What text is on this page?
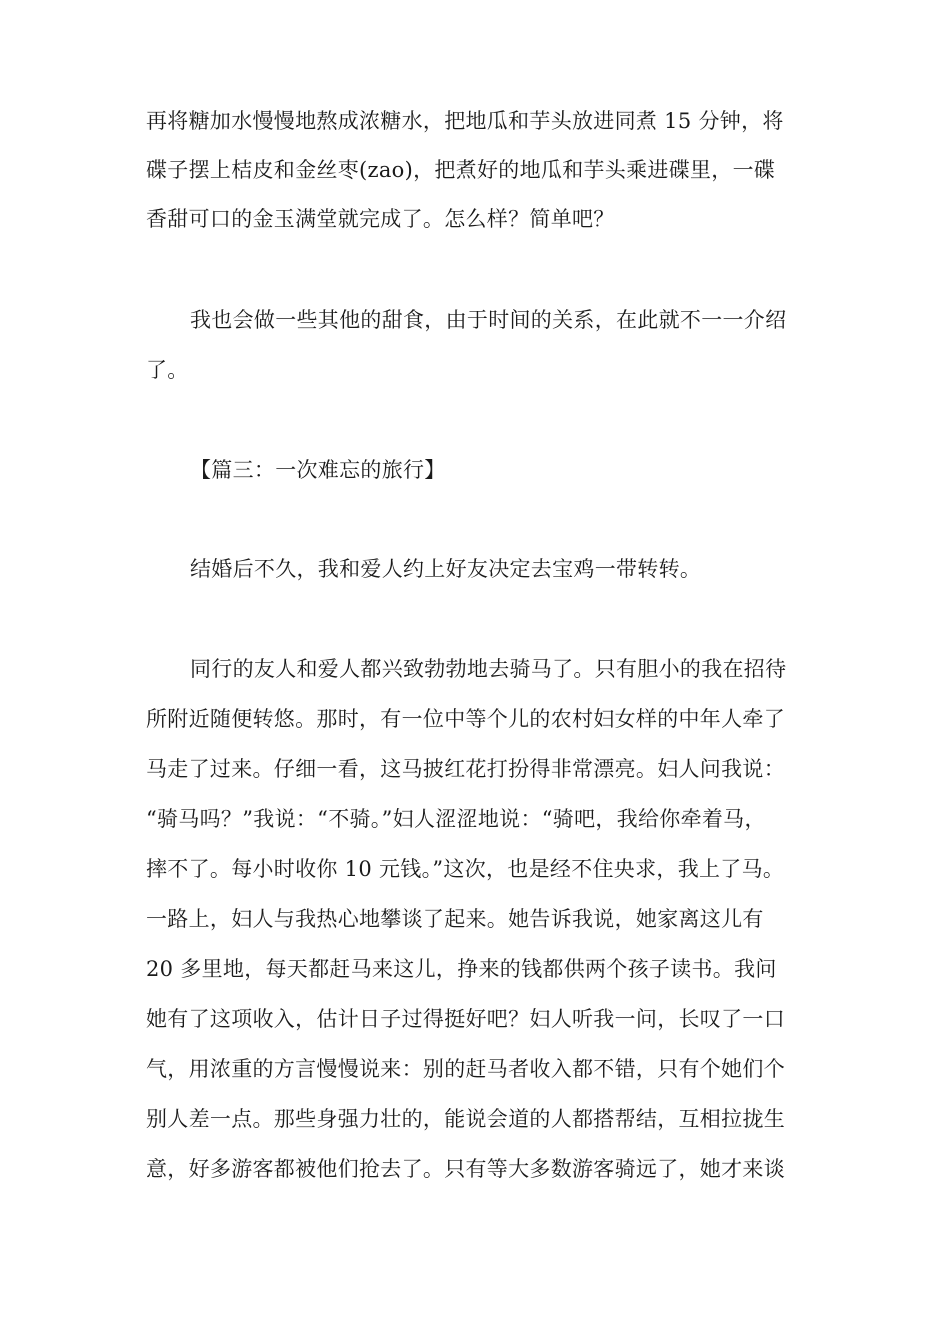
再将糖加水慢慢地熬成浓糖水，把地瓜和芋头放进同煮 15 分钟，将
碟子摆上桔皮和金丝枣(zao)，把煮好的地瓜和芋头乘进碟里，一碟
香甜可口的金玉满堂就完成了。怎么样？简单吧？
我也会做一些其他的甜食，由于时间的关系，在此就不一一介绍
了。
【篇三：一次难忘的旅行】
结婚后不久，我和爱人约上好友决定去宝鸡一带转转。
同行的友人和爱人都兴致勃勃地去骑马了。只有胆小的我在招待
所附近随便转悠。那时，有一位中等个儿的农村妇女样的中年人牵了
马走了过来。仔细一看，这马披红花打扮得非常漂亮。妇人问我说：
“骑马吗？”我说：“不骑。”妇人涩涩地说：“骑吧，我给你牵着马，
摔不了。每小时收你 10 元钱。”这次，也是经不住央求，我上了马。
一路上，妇人与我热心地攀谈了起来。她告诉我说，她家离这儿有
20 多里地，每天都赶马来这儿，挣来的钱都供两个孩子读书。我问
她有了这项收入，估计日子过得挺好吧？妇人听我一问，长叹了一口
气，用浓重的方言慢慢说来：别的赶马者收入都不错，只有个她们个
别人差一点。那些身强力壮的，能说会道的人都搭帮结，互相拉拢生
意，好多游客都被他们抢去了。只有等大多数游客骑远了，她才来谈
